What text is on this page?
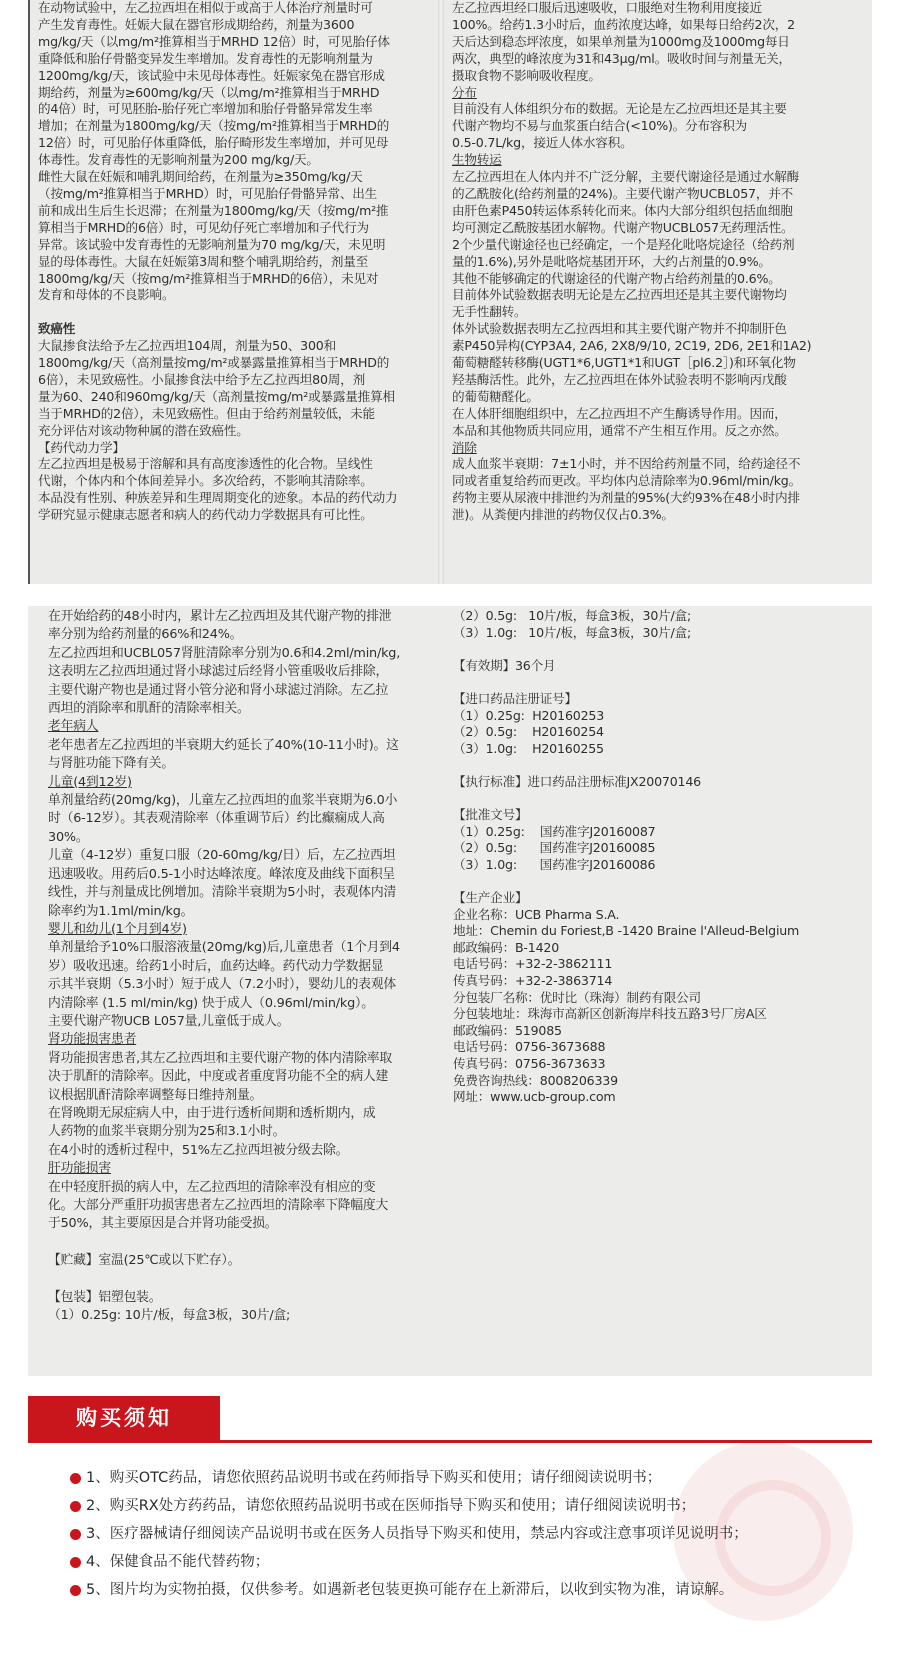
在动物试验中，左乙拉西坦在相似于或高于人体治疗剂量时可
产生发育毒性。妊娠大鼠在器官形成期给药，剂量为3600
mg/kg/天（以mg/m²推算相当于MRHD 12倍）时，可见胎仔体
重降低和胎仔骨骼变异发生率增加。发育毒性的无影响剂量为
1200mg/kg/天，该试验中未见母体毒性。妊娠家兔在器官形成
期给药，剂量为≥600mg/kg/天（以mg/m²推算相当于MRHD
的4倍）时，可见胚胎-胎仔死亡率增加和胎仔骨骼异常发生率
增加；在剂量为1800mg/kg/天（按mg/m²推算相当于MRHD的
12倍）时，可见胎仔体重降低，胎仔畸形发生率增加，并可见母
体毒性。发育毒性的无影响剂量为200 mg/kg/天。
雌性大鼠在妊娠和哺乳期间给药，在剂量为≥350mg/kg/天
（按mg/m²推算相当于MRHD）时，可见胎仔骨骼异常、出生
前和成出生后生长迟滞；在剂量为1800mg/kg/天（按mg/m²推
算相当于MRHD的6倍）时，可见幼仔死亡率增加和子代行为
异常。该试验中发育毒性的无影响剂量为70 mg/kg/天，未见明
显的母体毒性。大鼠在妊娠第3周和整个哺乳期给药，剂量至
1800mg/kg/天（按mg/m²推算相当于MRHD的6倍），未见对
发育和母体的不良影响。

致癌性
大鼠掺食法给予左乙拉西坦104周，剂量为50、300和
1800mg/kg/天（高剂量按mg/m²或暴露量推算相当于MRHD的
6倍），未见致癌性。小鼠掺食法中给予左乙拉西坦80周，剂
量为60、240和960mg/kg/天（高剂量按mg/m²或暴露量推算相
当于MRHD的2倍），未见致癌性。但由于给药剂量较低，未能
充分评估对该动物种属的潜在致癌性。
【药代动力学】
左乙拉西坦是极易于溶解和具有高度渗透性的化合物。呈线性
代谢，个体内和个体间差异小。多次给药，不影响其清除率。
本品没有性别、种族差异和生理周期变化的迹象。本品的药代动力
学研究显示健康志愿者和病人的药代动力学数据具有可比性。
左乙拉西坦经口服后迅速吸收，口服绝对生物利用度接近
100%。给药1.3小时后，血药浓度达峰，如果每日给药2次，2
天后达到稳态坪浓度，如果单剂量为1000mg及1000mg每日
两次，典型的峰浓度为31和43μg/ml。吸收时间与剂量无关，
摄取食物不影响吸收程度。
分布
目前没有人体组织分布的数据。无论是左乙拉西坦还是其主要
代谢产物均不易与血浆蛋白结合(<10%)。分布容积为
0.5-0.7L/kg，接近人体水容积。
生物转运
左乙拉西坦在人体内并不广泛分解，主要代谢途径是通过水解酶
的乙酰胺化(给药剂量的24%)。主要代谢产物UCBL057，并不
由肝色素P450转运体系转化而来。体内大部分组织包括血细胞
均可测定乙酰胺基团水解物。代谢产物UCBL057无药理活性。
2个少量代谢途径也已经确定，一个是羟化吡咯烷途径（给药剂
量的1.6%),另外是吡咯烷基团开环，大约占剂量的0.9%。
其他不能够确定的代谢途径的代谢产物占给药剂量的0.6%。
目前体外试验数据表明无论是左乙拉西坦还是其主要代谢物均
无手性翻转。
体外试验数据表明左乙拉西坦和其主要代谢产物并不抑制肝色
素P450异构(CYP3A4, 2A6, 2X8/9/10, 2C19, 2D6, 2E1和1A2)
葡萄糖醛转移酶(UGT1*6,UGT1*1和UGT［pl6.2］)和环氧化物
羟基酶活性。此外，左乙拉西坦在体外试验表明不影响丙戊酸
的葡萄糖醛化。
在人体肝细胞组织中，左乙拉西坦不产生酶诱导作用。因而，
本品和其他物质共同应用，通常不产生相互作用。反之亦然。
消除
成人血浆半衰期：7±1小时，并不因给药剂量不同，给药途径不
同或者重复给药而更改。平均体内总清除率为0.96ml/min/kg。
药物主要从尿液中排泄约为剂量的95%(大约93%在48小时内排
泄)。从粪便内排泄的药物仅仅占0.3%。
在开始给药的48小时内，累计左乙拉西坦及其代谢产物的排泄
率分别为给药剂量的66%和24%。
左乙拉西坦和UCBL057肾脏清除率分别为0.6和4.2ml/min/kg,
这表明左乙拉西坦通过肾小球滤过后经肾小管重吸收后排除，
主要代谢产物也是通过肾小管分泌和肾小球滤过消除。左乙拉
西坦的消除率和肌酐的清除率相关。
老年病人
老年患者左乙拉西坦的半衰期大约延长了40%(10-11小时)。这
与肾脏功能下降有关。
儿童(4到12岁)
单剂量给药(20mg/kg)，儿童左乙拉西坦的血浆半衰期为6.0小
时（6-12岁）。其表观清除率（体重调节后）约比癫痫成人高
30%。
儿童（4-12岁）重复口服（20-60mg/kg/日）后，左乙拉西坦
迅速吸收。用药后0.5-1小时达峰浓度。峰浓度及曲线下面积呈
线性，并与剂量成比例增加。清除半衰期为5小时，表观体内清
除率约为1.1ml/min/kg。
婴儿和幼儿(1个月到4岁)
单剂量给予10%口服溶液量(20mg/kg)后,儿童患者（1个月到4
岁）吸收迅速。给药1小时后，血药达峰。药代动力学数据显
示其半衰期（5.3小时）短于成人（7.2小时），婴幼儿的表观体
内清除率 (1.5 ml/min/kg) 快于成人（0.96ml/min/kg）。
主要代谢产物UCB L057量,儿童低于成人。
肾功能损害患者
肾功能损害患者,其左乙拉西坦和主要代谢产物的体内清除率取
决于肌酐的清除率。因此，中度或者重度肾功能不全的病人建
议根据肌酐清除率调整每日维持剂量。
在肾晚期无尿症病人中，由于进行透析间期和透析期内，成
人药物的血浆半衰期分别为25和3.1小时。
在4小时的透析过程中，51%左乙拉西坦被分级去除。
肝功能损害
在中轻度肝损的病人中，左乙拉西坦的清除率没有相应的变
化。大部分严重肝功损害患者左乙拉西坦的清除率下降幅度大
于50%，其主要原因是合并肾功能受损。

【贮藏】室温(25℃或以下贮存）。

【包装】铝塑包装。
（1）0.25g: 10片/板，每盒3板，30片/盒;
（2）0.5g:   10片/板，每盒3板，30片/盒;
（3）1.0g:   10片/板，每盒3板，30片/盒;

【有效期】36个月

【进口药品注册证号】
（1）0.25g:  H20160253
（2）0.5g:    H20160254
（3）1.0g:    H20160255

【执行标准】进口药品注册标准JX20070146

【批准文号】
（1）0.25g:    国药准字J20160087
（2）0.5g:      国药准字J20160085
（3）1.0g:      国药准字J20160086

【生产企业】
企业名称：UCB Pharma S.A.
地址：Chemin du Foriest,B -1420 Braine l'Alleud-Belgium
邮政编码：B-1420
电话号码：+32-2-3862111
传真号码：+32-2-3863714
分包装厂名称：优时比（珠海）制药有限公司
分包装地址：珠海市高新区创新海岸科技五路3号厂房A区
邮政编码：519085
电话号码：0756-3673688
传真号码：0756-3673633
免费咨询热线：8008206339
网址：www.ucb-group.com
购买须知
1、购买OTC药品，请您依照药品说明书或在药师指导下购买和使用；请仔细阅读说明书；
2、购买RX处方药药品，请您依照药品说明书或在医师指导下购买和使用；请仔细阅读说明书；
3、医疗器械请仔细阅读产品说明书或在医务人员指导下购买和使用，禁忌内容或注意事项详见说明书；
4、保健食品不能代替药物；
5、图片均为实物拍摄，仅供参考。如遇新老包装更换可能存在上新滞后，以收到实物为准，请谅解。
